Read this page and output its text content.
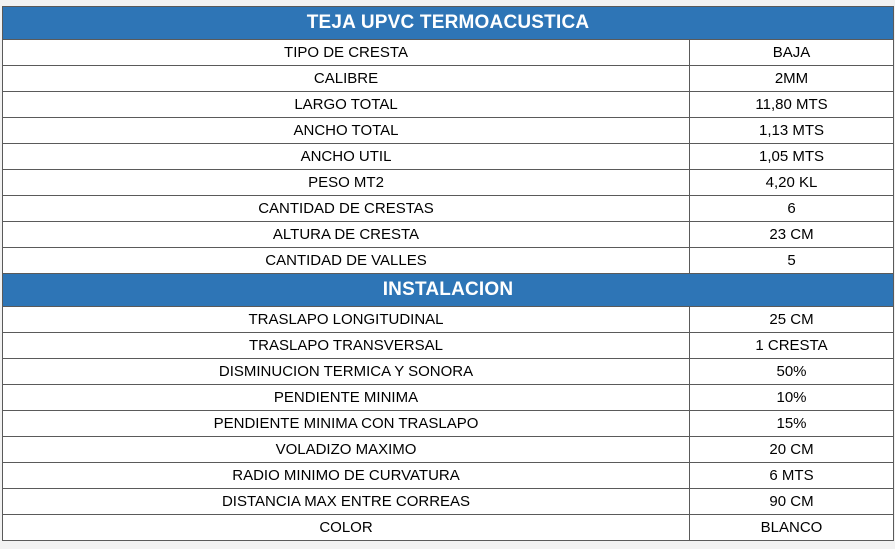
TEJA UPVC TERMOACUSTICA	
TIPO DE CRESTA	BAJA
CALIBRE	2MM
LARGO TOTAL	11,80 MTS
ANCHO TOTAL	1,13 MTS
ANCHO UTIL	1,05 MTS
PESO MT2	4,20 KL
CANTIDAD DE CRESTAS	6
ALTURA DE CRESTA	23 CM
CANTIDAD DE VALLES	5
INSTALACION	
TRASLAPO LONGITUDINAL	25 CM
TRASLAPO TRANSVERSAL	1 CRESTA
DISMINUCION TERMICA Y SONORA	50%
PENDIENTE MINIMA	10%
PENDIENTE MINIMA CON TRASLAPO	15%
VOLADIZO MAXIMO	20 CM
RADIO MINIMO DE CURVATURA	6 MTS
DISTANCIA MAX ENTRE CORREAS	90 CM
COLOR	BLANCO
